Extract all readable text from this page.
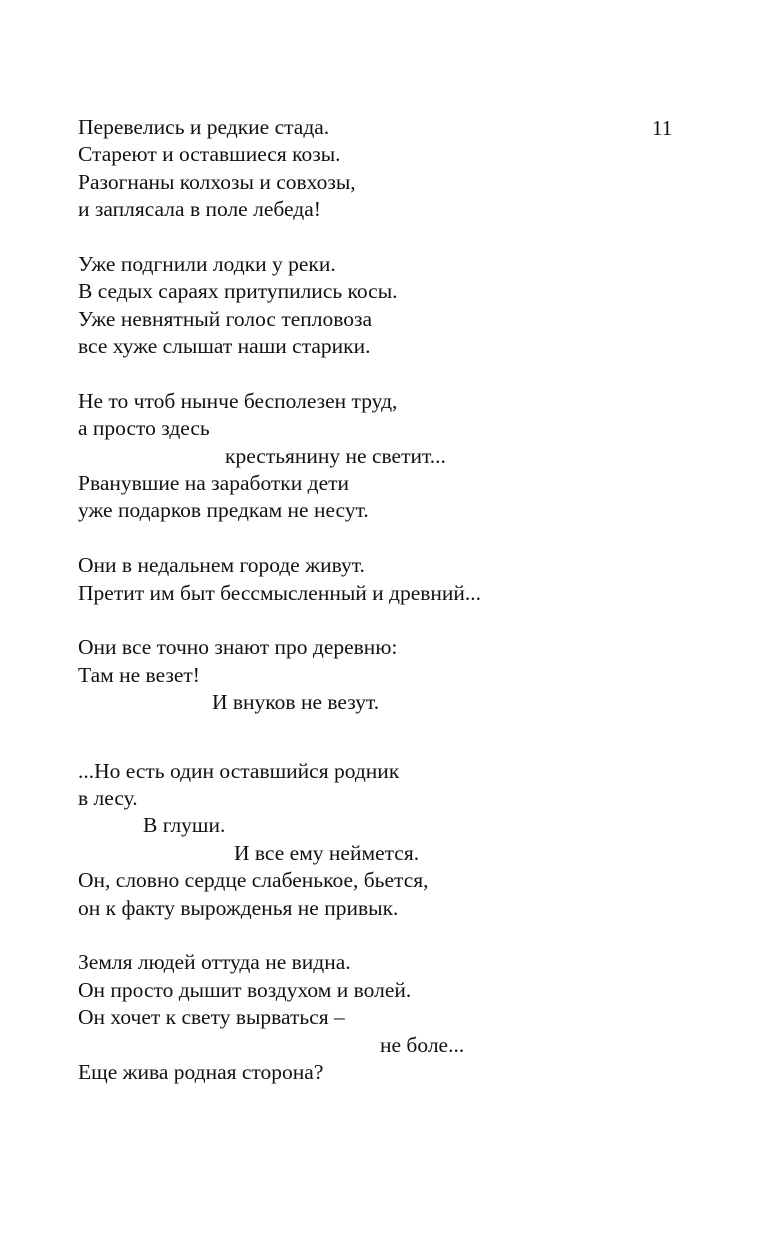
11
Перевелись и редкие стада.
Стареют и оставшиеся козы.
Разогнаны колхозы и совхозы,
и заплясала в поле лебеда!
Уже подгнили лодки у реки.
В седых сараях притупились косы.
Уже невнятный голос тепловоза
все хуже слышат наши старики.
Не то чтоб нынче бесполезен труд,
а просто здесь
крестьянину не светит...
Рванувшие на заработки дети
уже подарков предкам не несут.
Они в недальнем городе живут.
Претит им быт бессмысленный и древний...
Они все точно знают про деревню:
Там не везет!
И внуков не везут.
...Но есть один оставшийся родник
в лесу.
В глуши.
И все ему неймется.
Он, словно сердце слабенькое, бьется,
он к факту вырожденья не привык.
Земля людей оттуда не видна.
Он просто дышит воздухом и волей.
Он хочет к свету вырваться –
не боле...
Еще жива родная сторона?
